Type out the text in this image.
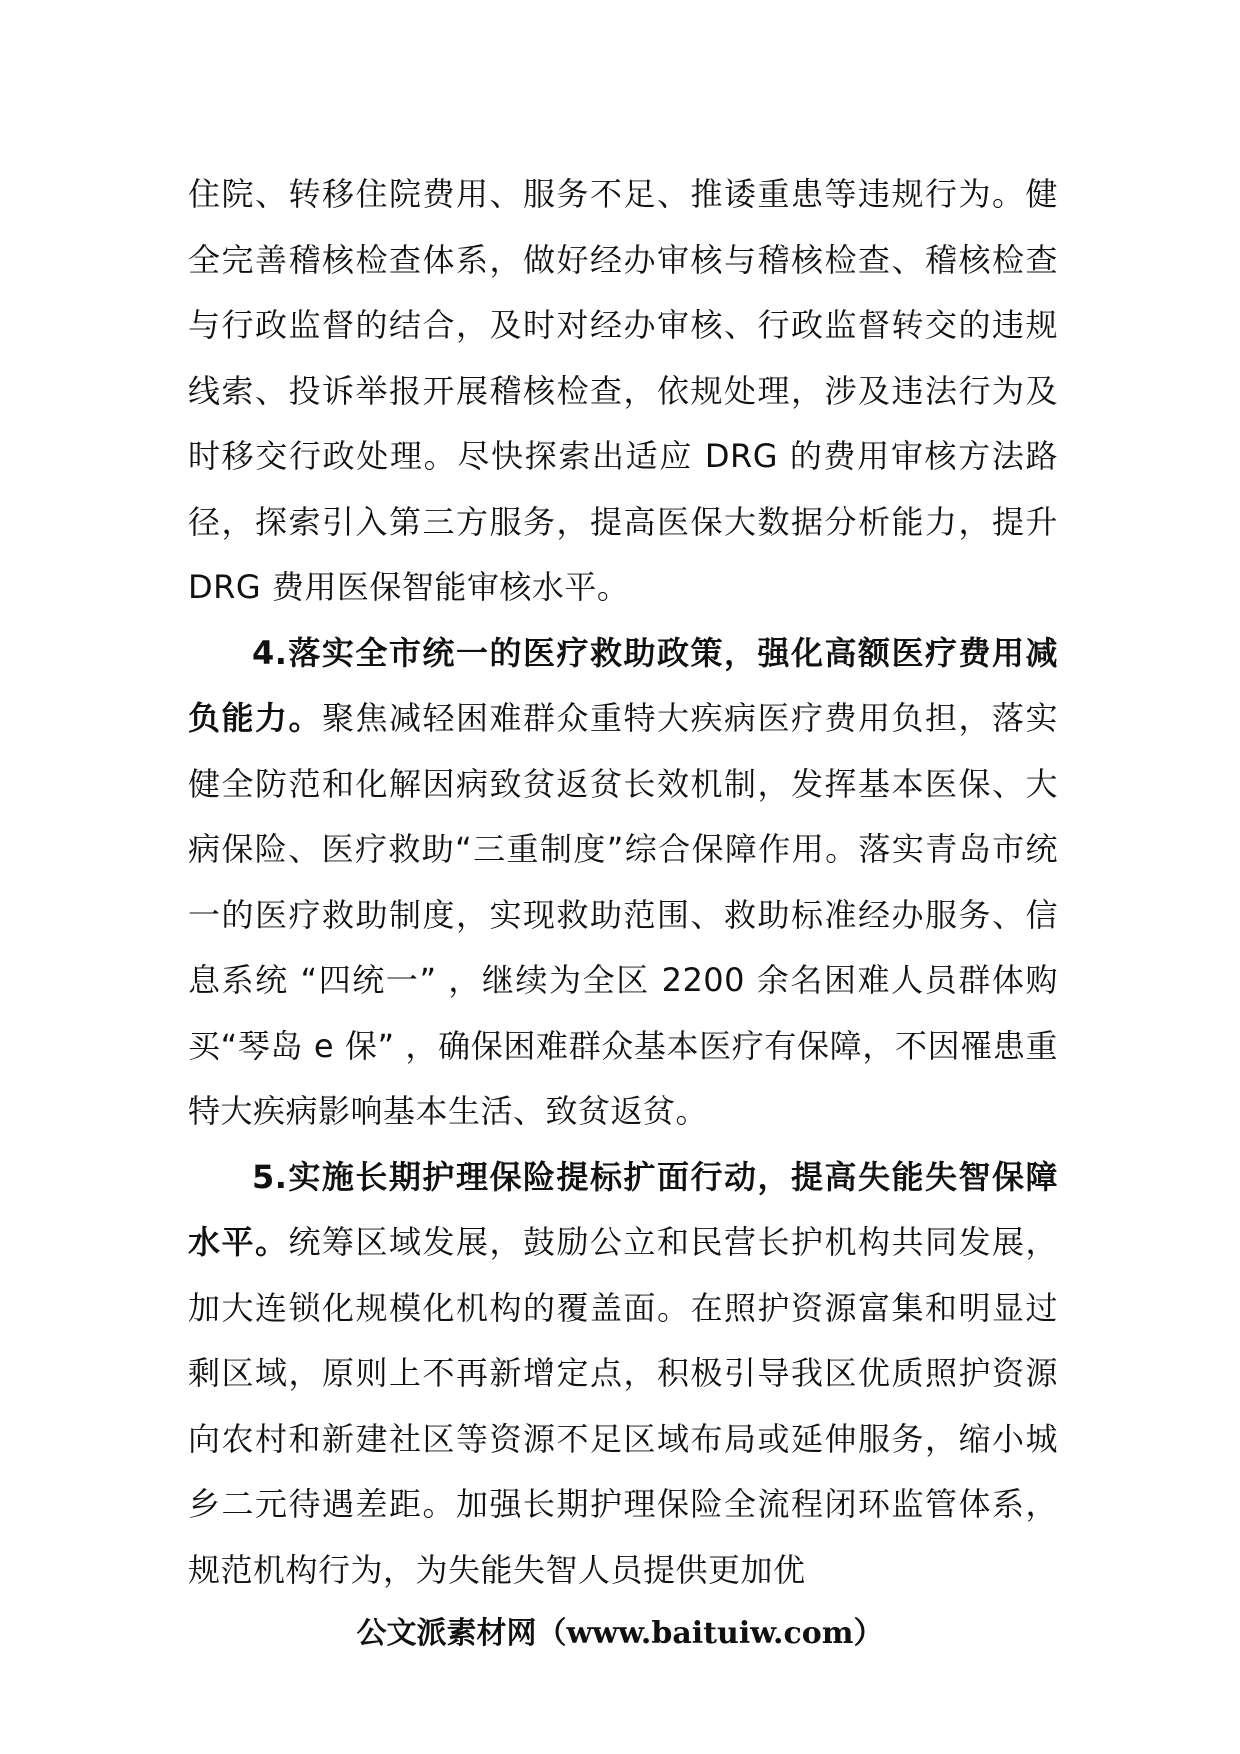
住院、转移住院费用、服务不足、推诿重患等违规行为。健全完善稽核检查体系，做好经办审核与稽核检查、稽核检查与行政监督的结合，及时对经办审核、行政监督转交的违规线索、投诉举报开展稽核检查，依规处理，涉及违法行为及时移交行政处理。尽快探索出适应 DRG 的费用审核方法路径，探索引入第三方服务，提高医保大数据分析能力，提升 DRG 费用医保智能审核水平。

4.落实全市统一的医疗救助政策，强化高额医疗费用减负能力。聚焦减轻困难群众重特大疾病医疗费用负担，落实健全防范和化解因病致贫返贫长效机制，发挥基本医保、大病保险、医疗救助“三重制度”综合保障作用。落实青岛市统一的医疗救助制度，实现救助范围、救助标准经办服务、信息系统 “四统一” ，继续为全区 2200 余名困难人员群体购买“琴岛 e 保” ，确保困难群众基本医疗有保障，不因罹患重特大疾病影响基本生活、致贫返贫。

5.实施长期护理保险提标扩面行动，提高失能失智保障水平。统筹区域发展，鼓励公立和民营长护机构共同发展，加大连锁化规模化机构的覆盖面。在照护资源富集和明显过剩区域，原则上不再新增定点，积极引导我区优质照护资源向农村和新建社区等资源不足区域布局或延伸服务，缩小城乡二元待遇差距。加强长期护理保险全流程闭环监管体系，规范机构行为，为失能失智人员提供更加优

公文派素材网（www.baituiw.com）
